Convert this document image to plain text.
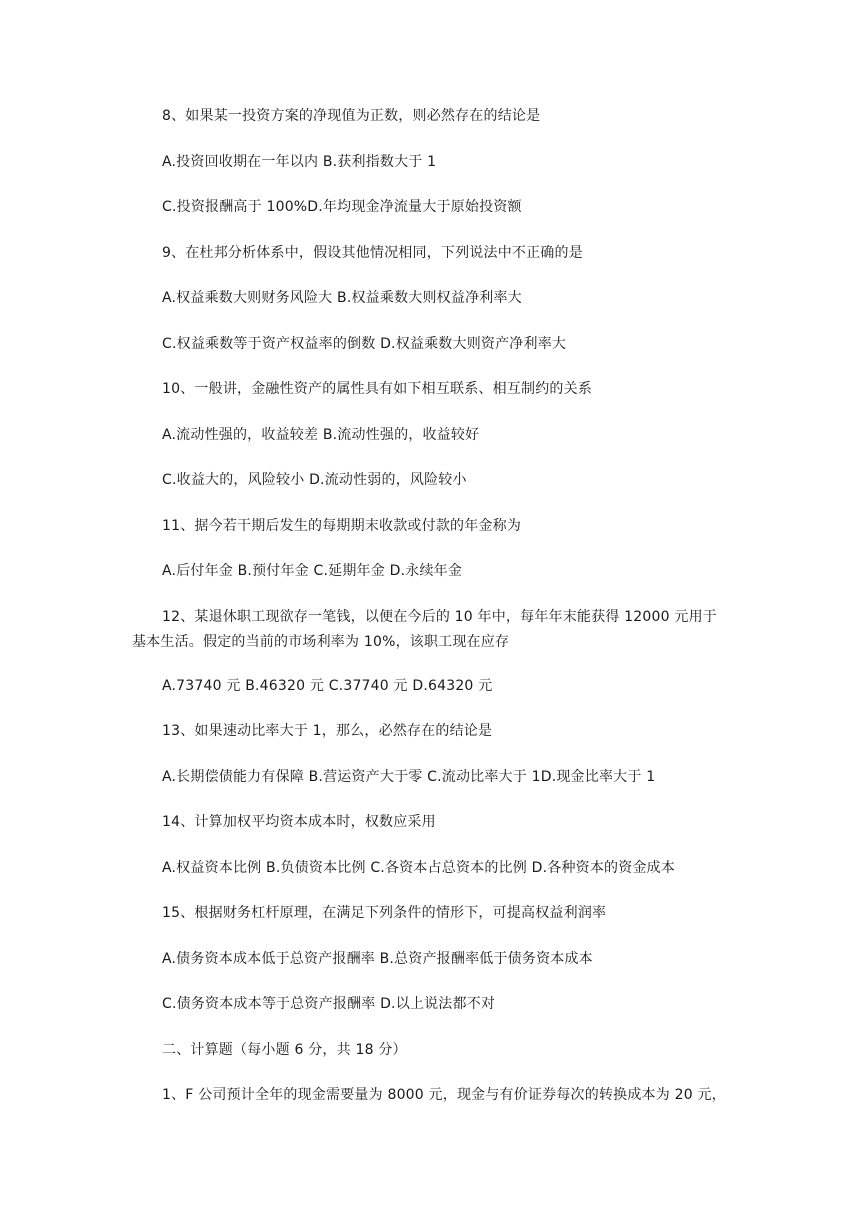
8、如果某一投资方案的净现值为正数，则必然存在的结论是
A.投资回收期在一年以内 B.获利指数大于 1
C.投资报酬高于 100%D.年均现金净流量大于原始投资额
9、在杜邦分析体系中，假设其他情况相同，下列说法中不正确的是
A.权益乘数大则财务风险大 B.权益乘数大则权益净利率大
C.权益乘数等于资产权益率的倒数 D.权益乘数大则资产净利率大
10、一般讲，金融性资产的属性具有如下相互联系、相互制约的关系
A.流动性强的，收益较差 B.流动性强的，收益较好
C.收益大的，风险较小 D.流动性弱的，风险较小
11、据今若干期后发生的每期期末收款或付款的年金称为
A.后付年金 B.预付年金 C.延期年金 D.永续年金
12、某退休职工现欲存一笔钱，以便在今后的 10 年中，每年年末能获得 12000 元用于
基本生活。假定的当前的市场利率为 10%，该职工现在应存
A.73740 元 B.46320 元 C.37740 元 D.64320 元
13、如果速动比率大于 1，那么，必然存在的结论是
A.长期偿债能力有保障 B.营运资产大于零 C.流动比率大于 1D.现金比率大于 1
14、计算加权平均资本成本时，权数应采用
A.权益资本比例 B.负债资本比例 C.各资本占总资本的比例 D.各种资本的资金成本
15、根据财务杠杆原理，在满足下列条件的情形下，可提高权益利润率
A.债务资本成本低于总资产报酬率 B.总资产报酬率低于债务资本成本
C.债务资本成本等于总资产报酬率 D.以上说法都不对
二、计算题（每小题 6 分，共 18 分）
1、F 公司预计全年的现金需要量为 8000 元，现金与有价证券每次的转换成本为 20 元，
